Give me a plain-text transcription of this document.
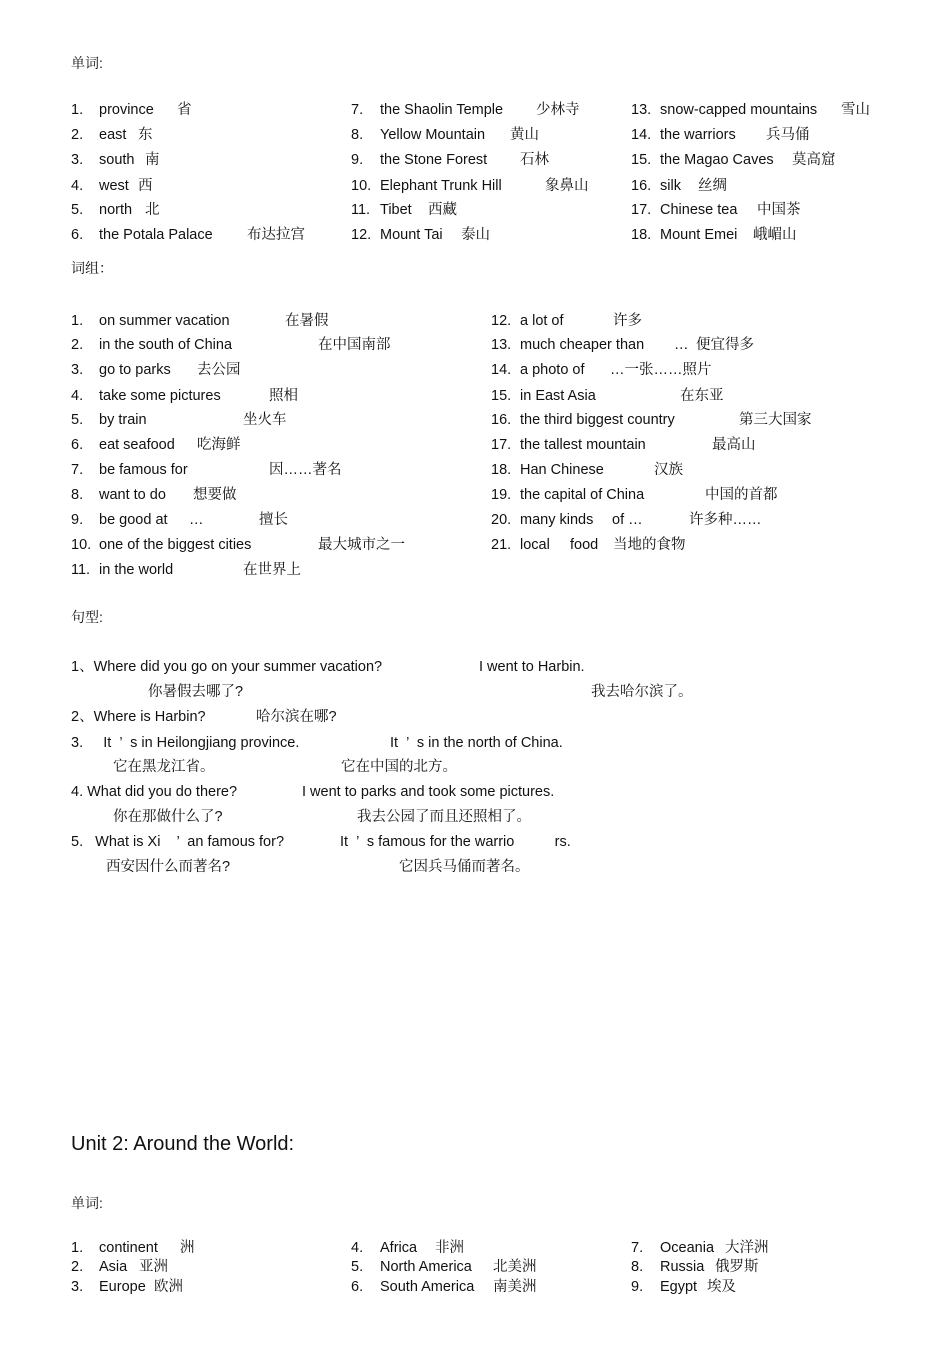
单词:
1. province 省
2. east 东
3. south 南
4. west 西
5. north 北
6. the Potala Palace 布达拉宫
7. the Shaolin Temple 少林寺
8. Yellow Mountain 黄山
9. the Stone Forest 石林
10. Elephant Trunk Hill	象鼻山
11. Tibet 西藏
12. Mount Tai 泰山
13. snow-capped mountains 雪山
14. the warriors 兵马俑
15. the Magao Caves 莫高窟
16. silk 丝绸
17. Chinese tea 中国茶
18. Mount Emei 峨嵋山
词组：
1. on summer vacation	在暑假
2. in the south of China	在中国南部
3. go to parks 去公园
4. take some pictures	照相
5. by train	坐火车
6. eat seafood 吃海鲜
7. be famous for	因……著名
8. want to do 想要做
9. be good at …	擅长
10. one of the biggest cities	最大城市之一
11. in the world	在世界上
12. a lot of	许多
13. much cheaper than … 便宜得多
14. a photo of …一张……照片
15. in East Asia	在东亚
16. the third biggest country	第三大国家
17. the tallest mountain	最高山
18. Han Chinese	汉族
19. the capital of China	中国的首都
20. many kinds of …	许多种……
21. local food 当地的食物
句型:
1、Where did you go on your summer vacation?	I went to Harbin.
你暑假去哪了?	我去哈尔滨了。
2、Where is Harbin?	哈尔滨在哪?
3.     It  ’  s in Heilongjiang province.	It  ’  s in the north of China.
它在黑龙江省。	它在中国的北方。
4. What did you do there?	I went to parks and took some pictures.
你在那做什么了?	我去公园了而且还照相了。
5.   What is Xi    ’  an famous for?	It  ’  s famous for the warrio          rs.
西安因什么而著名?	它因兵马俑而著名。
Unit 2: Around the World:
单词:
1. continent 洲
2. Asia 亚洲
3. Europe 欧洲
4. Africa 非洲
5. North America 北美洲
6. South America 南美洲
7. Oceania 大洋洲
8. Russia 俄罗斯
9. Egypt 埃及
